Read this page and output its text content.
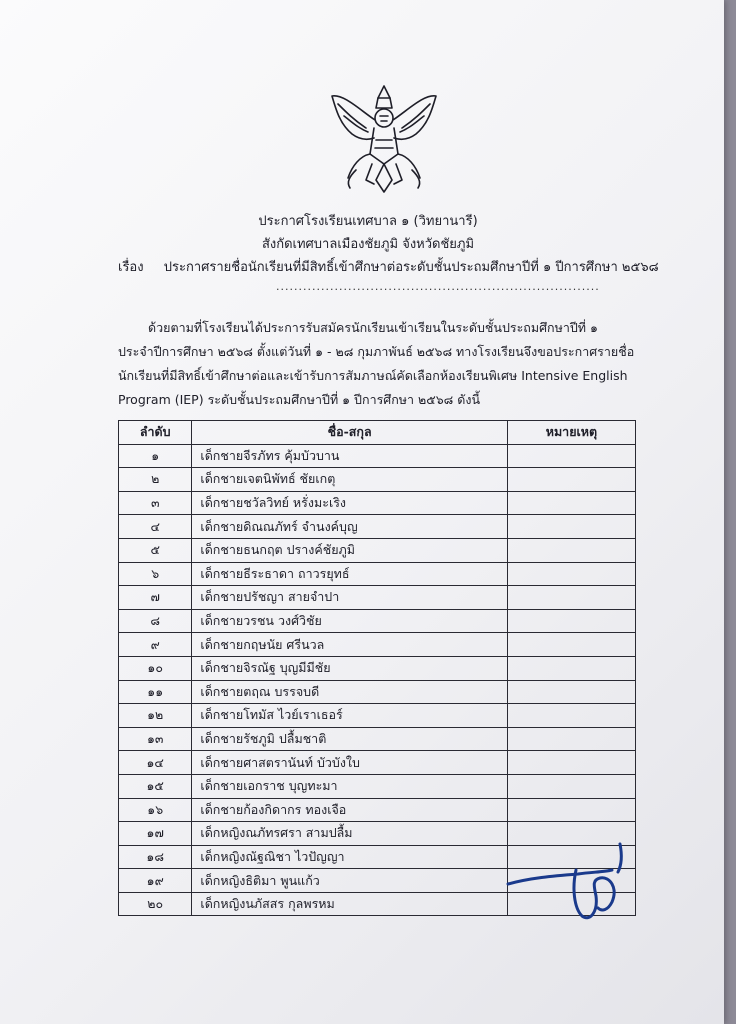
ประกาศโรงเรียนเทศบาล ๑ (วิทยานารี)
สังกัดเทศบาลเมืองชัยภูมิ จังหวัดชัยภูมิ
เรื่อง ประกาศรายชื่อนักเรียนที่มีสิทธิ์เข้าศึกษาต่อระดับชั้นประถมศึกษาปีที่ ๑ ปีการศึกษา ๒๕๖๘
........................................................................
ด้วยตามที่โรงเรียนได้ประการรับสมัครนักเรียนเข้าเรียนในระดับชั้นประถมศึกษาปีที่ ๑
ประจำปีการศึกษา ๒๕๖๘ ตั้งแต่วันที่ ๑ - ๒๘ กุมภาพันธ์ ๒๕๖๘ ทางโรงเรียนจึงขอประกาศรายชื่อ
นักเรียนที่มีสิทธิ์เข้าศึกษาต่อและเข้ารับการสัมภาษณ์คัดเลือกห้องเรียนพิเศษ Intensive English
Program (IEP) ระดับชั้นประถมศึกษาปีที่ ๑ ปีการศึกษา ๒๕๖๘ ดังนี้
ลำดับ	ชื่อ-สกุล	หมายเหตุ
๑	เด็กชายจีรภัทร คุ้มบัวบาน	
๒	เด็กชายเจตนิพัทธ์ ชัยเกตุ	
๓	เด็กชายชวัลวิทย์ หรั่งมะเริง	
๔	เด็กชายดิณณภัทร์ จำนงค์บุญ	
๕	เด็กชายธนกฤต ปรางค์ชัยภูมิ	
๖	เด็กชายธีระธาดา ถาวรยุทธ์	
๗	เด็กชายปรัชญา สายจำปา	
๘	เด็กชายวรชน วงศ์วิชัย	
๙	เด็กชายกฤษนัย ศรีนวล	
๑๐	เด็กชายจิรณัฐ บุญมีมีชัย	
๑๑	เด็กชายตฤณ บรรจบดี	
๑๒	เด็กชายโทมัส ไวย์เราเธอร์	
๑๓	เด็กชายรัชภูมิ ปลื้มชาติ	
๑๔	เด็กชายศาสตรานันท์ บัวบังใบ	
๑๕	เด็กชายเอกราช บุญทะมา	
๑๖	เด็กชายก้องกิดากร ทองเจือ	
๑๗	เด็กหญิงณภัทรศรา สามปลื้ม	
๑๘	เด็กหญิงณัฐณิชา ไวปัญญา	
๑๙	เด็กหญิงธิติมา พูนแก้ว	
๒๐	เด็กหญิงนภัสสร กุลพรหม	
